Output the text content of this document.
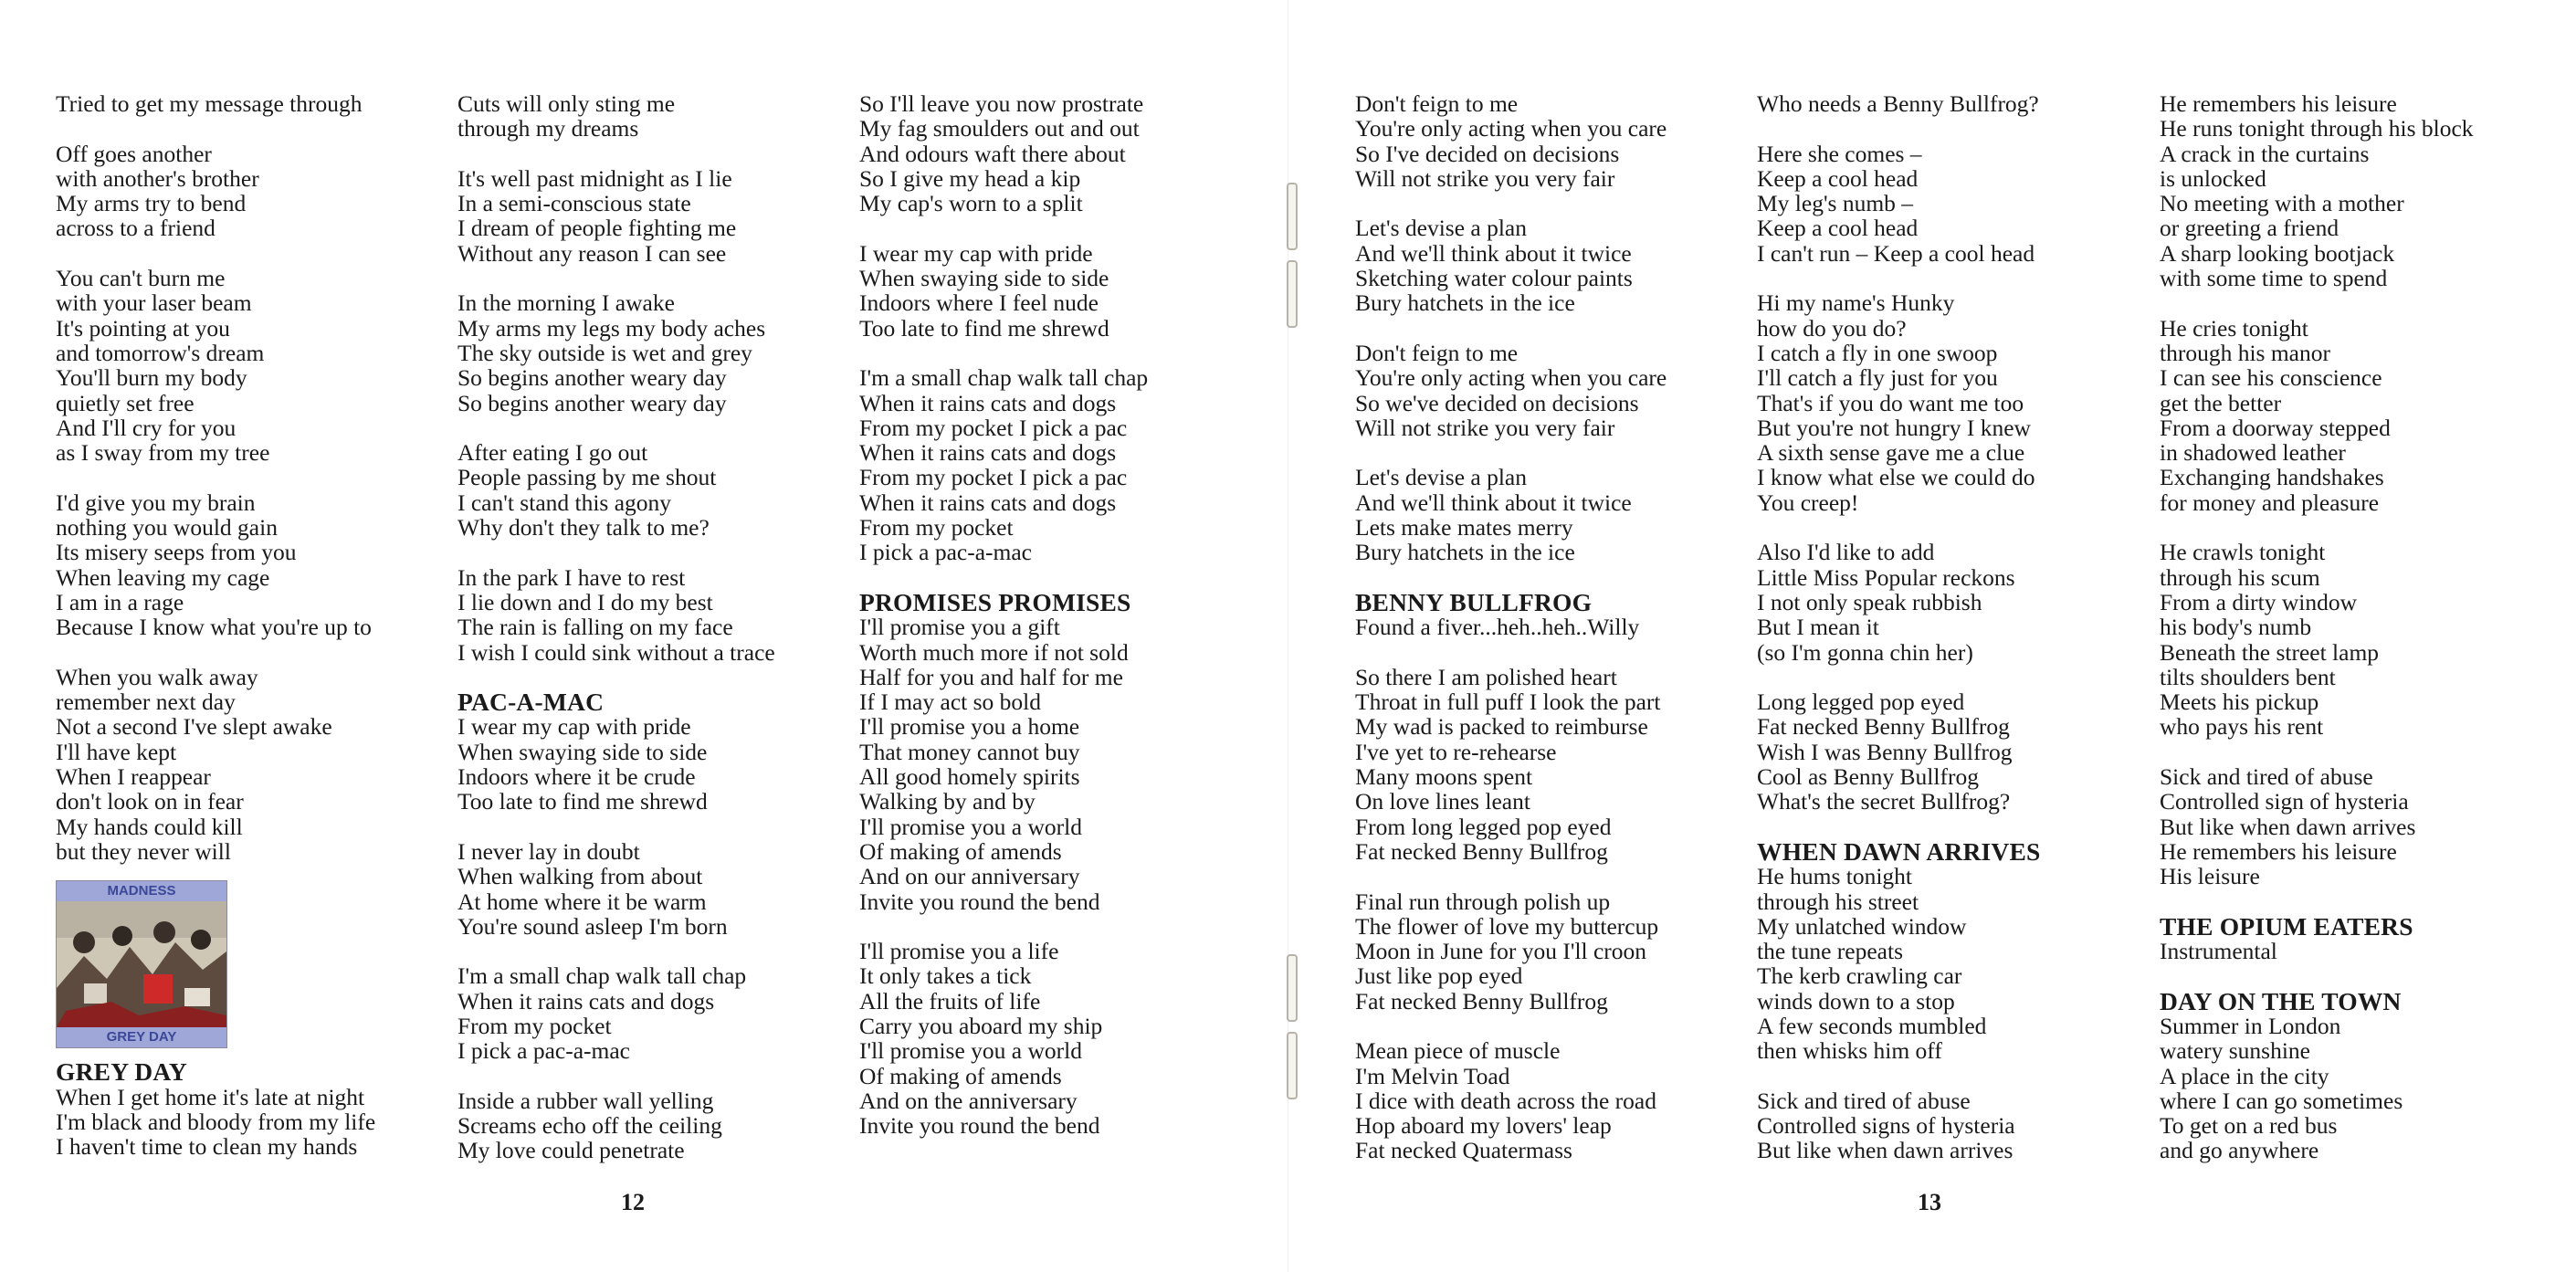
Tried to get my message through

Off goes another
with another's brother
My arms try to bend
across to a friend

You can't burn me
with your laser beam
It's pointing at you
and tomorrow's dream
You'll burn my body
quietly set free
And I'll cry for you
as I sway from my tree

I'd give you my brain
nothing you would gain
Its misery seeps from you
When leaving my cage
I am in a rage
Because I know what you're up to

When you walk away
remember next day
Not a second I've slept awake
I'll have kept
When I reappear
don't look on in fear
My hands could kill
but they never will

MADNESS
GREY DAY
GREY DAY

When I get home it's late at night
I'm black and bloody from my life
I haven't time to clean my hands

Cuts will only sting me
through my dreams

It's well past midnight as I lie
In a semi-conscious state
I dream of people fighting me
Without any reason I can see

In the morning I awake
My arms my legs my body aches
The sky outside is wet and grey
So begins another weary day
So begins another weary day

After eating I go out
People passing by me shout
I can't stand this agony
Why don't they talk to me?

In the park I have to rest
I lie down and I do my best
The rain is falling on my face
I wish I could sink without a trace

PAC-A-MAC

I wear my cap with pride
When swaying side to side
Indoors where it be crude
Too late to find me shrewd

I never lay in doubt
When walking from about
At home where it be warm
You're sound asleep I'm born

I'm a small chap walk tall chap
When it rains cats and dogs
From my pocket
I pick a pac-a-mac

Inside a rubber wall yelling
Screams echo off the ceiling
My love could penetrate

So I'll leave you now prostrate
My fag smoulders out and out
And odours waft there about
So I give my head a kip
My cap's worn to a split

I wear my cap with pride
When swaying side to side
Indoors where I feel nude
Too late to find me shrewd

I'm a small chap walk tall chap
When it rains cats and dogs
From my pocket I pick a pac
When it rains cats and dogs
From my pocket I pick a pac
When it rains cats and dogs
From my pocket
I pick a pac-a-mac

PROMISES PROMISES

I'll promise you a gift
Worth much more if not sold
Half for you and half for me
If I may act so bold
I'll promise you a home
That money cannot buy
All good homely spirits
Walking by and by
I'll promise you a world
Of making of amends
And on our anniversary
Invite you round the bend

I'll promise you a life
It only takes a tick
All the fruits of life
Carry you aboard my ship
I'll promise you a world
Of making of amends
And on the anniversary
Invite you round the bend

12

Don't feign to me
You're only acting when you care
So I've decided on decisions
Will not strike you very fair

Let's devise a plan
And we'll think about it twice
Sketching water colour paints
Bury hatchets in the ice

Don't feign to me
You're only acting when you care
So we've decided on decisions
Will not strike you very fair

Let's devise a plan
And we'll think about it twice
Lets make mates merry
Bury hatchets in the ice

BENNY BULLFROG
Found a fiver...heh..heh..Willy

So there I am polished heart
Throat in full puff I look the part
My wad is packed to reimburse
I've yet to re-rehearse
Many moons spent
On love lines leant
From long legged pop eyed
Fat necked Benny Bullfrog

Final run through polish up
The flower of love my buttercup
Moon in June for you I'll croon
Just like pop eyed
Fat necked Benny Bullfrog

Mean piece of muscle
I'm Melvin Toad
I dice with death across the road
Hop aboard my lovers' leap
Fat necked Quatermass

Who needs a Benny Bullfrog?

Here she comes –
Keep a cool head
My leg's numb –
Keep a cool head
I can't run – Keep a cool head

Hi my name's Hunky
how do you do?
I catch a fly in one swoop
I'll catch a fly just for you
That's if you do want me too
But you're not hungry I knew
A sixth sense gave me a clue
I know what else we could do
You creep!

Also I'd like to add
Little Miss Popular reckons
I not only speak rubbish
But I mean it
(so I'm gonna chin her)

Long legged pop eyed
Fat necked Benny Bullfrog
Wish I was Benny Bullfrog
Cool as Benny Bullfrog
What's the secret Bullfrog?

WHEN DAWN ARRIVES

He hums tonight
through his street
My unlatched window
the tune repeats
The kerb crawling car
winds down to a stop
A few seconds mumbled
then whisks him off

Sick and tired of abuse
Controlled signs of hysteria
But like when dawn arrives

He remembers his leisure
He runs tonight through his block
A crack in the curtains
is unlocked
No meeting with a mother
or greeting a friend
A sharp looking bootjack
with some time to spend

He cries tonight
through his manor
I can see his conscience
get the better
From a doorway stepped
in shadowed leather
Exchanging handshakes
for money and pleasure

He crawls tonight
through his scum
From a dirty window
his body's numb
Beneath the street lamp
tilts shoulders bent
Meets his pickup
who pays his rent

Sick and tired of abuse
Controlled sign of hysteria
But like when dawn arrives
He remembers his leisure
His leisure

THE OPIUM EATERS
Instrumental
DAY ON THE TOWN

Summer in London
watery sunshine
A place in the city
where I can go sometimes
To get on a red bus
and go anywhere

13
